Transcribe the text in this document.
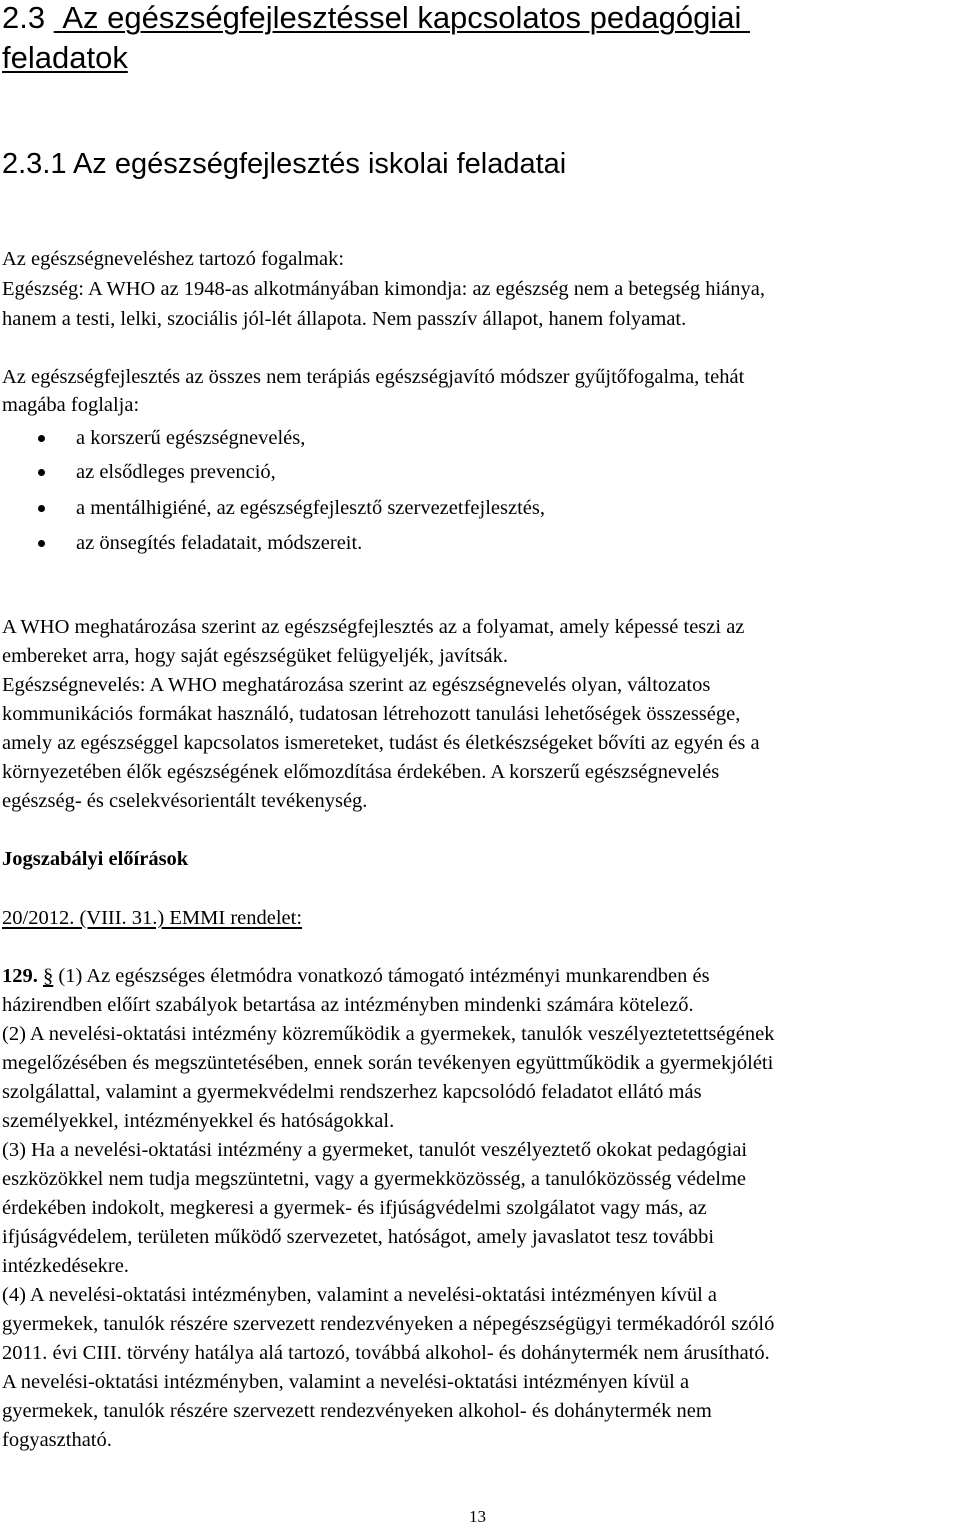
2.3 Az egészségfejlesztéssel kapcsolatos pedagógiai
feladatok
2.3.1 Az egészségfejlesztés iskolai feladatai
Az egészségneveléshez tartozó fogalmak:
Egészség: A WHO az 1948-as alkotmányában kimondja: az egészség nem a betegség hiánya,
hanem a testi, lelki, szociális jól-lét állapota. Nem passzív állapot, hanem folyamat.
Az egészségfejlesztés az összes nem terápiás egészségjavító módszer gyűjtőfogalma, tehát
magába foglalja:
a korszerű egészségnevelés,
az elsődleges prevenció,
a mentálhigiéné, az egészségfejlesztő szervezetfejlesztés,
az önsegítés feladatait, módszereit.
A WHO meghatározása szerint az egészségfejlesztés az a folyamat, amely képessé teszi az
embereket arra, hogy saját egészségüket felügyeljék, javítsák.
Egészségnevelés: A WHO meghatározása szerint az egészségnevelés olyan, változatos
kommunikációs formákat használó, tudatosan létrehozott tanulási lehetőségek összessége,
amely az egészséggel kapcsolatos ismereteket, tudást és életkészségeket bővíti az egyén és a
környezetében élők egészségének előmozdítása érdekében. A korszerű egészségnevelés
egészség- és cselekvésorientált tevékenység.
Jogszabályi előírások
20/2012. (VIII. 31.) EMMI rendelet:
129. § (1) Az egészséges életmódra vonatkozó támogató intézményi munkarendben és
házirendben előírt szabályok betartása az intézményben mindenki számára kötelező.
(2) A nevelési-oktatási intézmény közreműködik a gyermekek, tanulók veszélyeztetettségének
megelőzésében és megszüntetésében, ennek során tevékenyen együttműködik a gyermekjóléti
szolgálattal, valamint a gyermekvédelmi rendszerhez kapcsolódó feladatot ellátó más
személyekkel, intézményekkel és hatóságokkal.
(3) Ha a nevelési-oktatási intézmény a gyermeket, tanulót veszélyeztető okokat pedagógiai
eszközökkel nem tudja megszüntetni, vagy a gyermekközösség, a tanulóközösség védelme
érdekében indokolt, megkeresi a gyermek- és ifjúságvédelmi szolgálatot vagy más, az
ifjúságvédelem, területen működő szervezetet, hatóságot, amely javaslatot tesz további
intézkedésekre.
(4) A nevelési-oktatási intézményben, valamint a nevelési-oktatási intézményen kívül a
gyermekek, tanulók részére szervezett rendezvényeken a népegészségügyi termékadóról szóló
2011. évi CIII. törvény hatálya alá tartozó, továbbá alkohol- és dohánytermék nem árusítható.
A nevelési-oktatási intézményben, valamint a nevelési-oktatási intézményen kívül a
gyermekek, tanulók részére szervezett rendezvényeken alkohol- és dohánytermék nem
fogyasztható.
13
